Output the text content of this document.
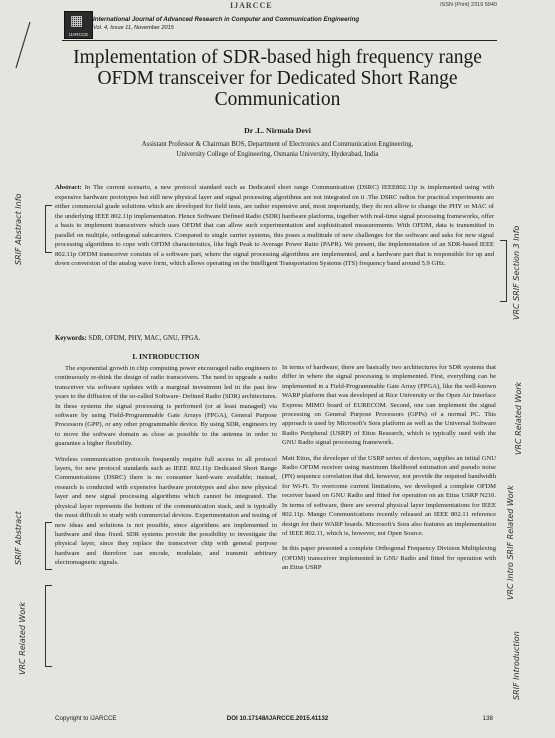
IJARCCE	ISSN (Print) 2319 5940
▦
IJARCCE
International Journal of Advanced Research in Computer and Communication Engineering
Vol. 4, Issue 11, November 2015
Implementation of SDR-based high frequency range OFDM transceiver for Dedicated Short Range Communication
Dr .L. Nirmala Devi
Assistant Professor & Chairman BOS, Department of Electronics and Communication Engineering,
University College of Engineering, Osmania University, Hyderabad, India
Abstract: In The current scenario, a new protocol standard such as Dedicated short range Communication (DSRC) IEEE802.11p is implemented using with expensive hardware prototypes but still new physical layer and signal processing algorithms are not integrated on it .The DSRC radios for practical experiments are either commercial grade solutions which are developed for field tests, are rather expensive and, most importantly, they do not allow to change the PHY or MAC of the underlying IEEE 802.11p implementation. Hence Software Defined Radio (SDR) hardware platforms, together with real-time signal processing frameworks, offer a basis to implement transceivers which uses OFDM that can allow such experimentation and sophisticated measurements. With OFDM, data is transmitted in parallel on multiple, orthogonal subcarriers. Compared to single carrier systems, this poses a multitude of new challenges for the software and asks for new signal processing algorithms to cope with OFDM characteristics, like high Peak to Average Power Ratio (PAPR). We present, the implementation of an SDR-based IEEE 802.11p OFDM transceiver consists of a software part, where the signal processing algorithms are implemented, and a hardware part that is responsible for up and down conversion of the analog wave form, which allows operating on the Intelligent Transportation Systems (ITS) frequency band around 5.9 GHz.
Keywords: SDR, OFDM, PHY, MAC, GNU, FPGA.
I. INTRODUCTION

The exponential growth in chip computing power encouraged radio engineers to continuously re-think the design of radio transceivers. The need to upgrade a radio transceiver via software updates with a marginal investment led in the past few years to the diffusion of the so-called Software- Defined Radio (SDR) architectures. In these systems the signal processing is performed (or at least managed) via software by using Field-Programmable Gate Arrays (FPGA), General Purpose Processors (GPP), or any other programmable device. By using SDR, engineers try to move the software domain as close as possible to the antenna in order to guarantee a higher flexibility.

Wireless communication protocols frequently require full access to all protocol layers, for new protocol standards such as IEEE 802.11p Dedicated Short Range Communications (DSRC) there is no consumer hard-ware available; instead, research is conducted with expensive hardware prototypes and also new physical layer and new signal processing algorithms which cannot be integrated. The physical layer represents the bottom of the communication stack, and is typically the most difficult to study with commercial devices. Experimentation and testing of new ideas and solutions is not possible, since algorithms are implemented in hardware and thus fixed. SDR systems provide the possibility to investigate the physical layer, since they replace the transceiver chip with general purpose hardware and therefore can encode, modulate, and transmit arbitrary electromagnetic signals.

In terms of hardware, there are basically two architectures for SDR systems that differ in where the signal processing is implemented. First, everything can be implemented in a Field-Programmable Gate Array (FPGA), like the well-known WARP platform that was developed at Rice University or the Open Air Interface Express MIMO board of EURECOM. Second, one can implement the signal processing on General Purpose Processors (GPPs) of a normal PC. This approach is used by Microsoft's Sora platform as well as the Universal Software Radio Peripheral (USRP) of Ettus Research, which is typically used with the GNU Radio signal processing framework.

Matt Ettus, the developer of the USRP series of devices, supplies an initial GNU Radio OFDM receiver using maximum likelihood estimation and pseudo noise (PN) sequence correlation that did, however, not provide the required bandwidth for Wi-Fi. To overcome current limitations, we developed a complete OFDM receiver based on GNU Radio and fitted for operation on an Ettus USRP N210. In terms of software, there are several physical layer implementations for IEEE 802.11p. Mango Communications recently released an IEEE 802.11 reference design for their WARP boards. Microsoft's Sora also features an implementation of IEEE 802.11, which is, however, not Open Source.

In this paper presented a complete Orthogonal Frequency Division Multiplexing (OFDM) transceiver implemented in GNU Radio and fitted for operation with an Ettus USRP

Copyright to IJARCCE	DOI 10.17148/IJARCCE.2015.41132	138
SRIF Abstract Info
SRIF Abstract
VRC Related Work
VRC SRIF Section 3 Info
VRC Related Work
VRC Intro SRIF Related Work
SRIF Introduction
